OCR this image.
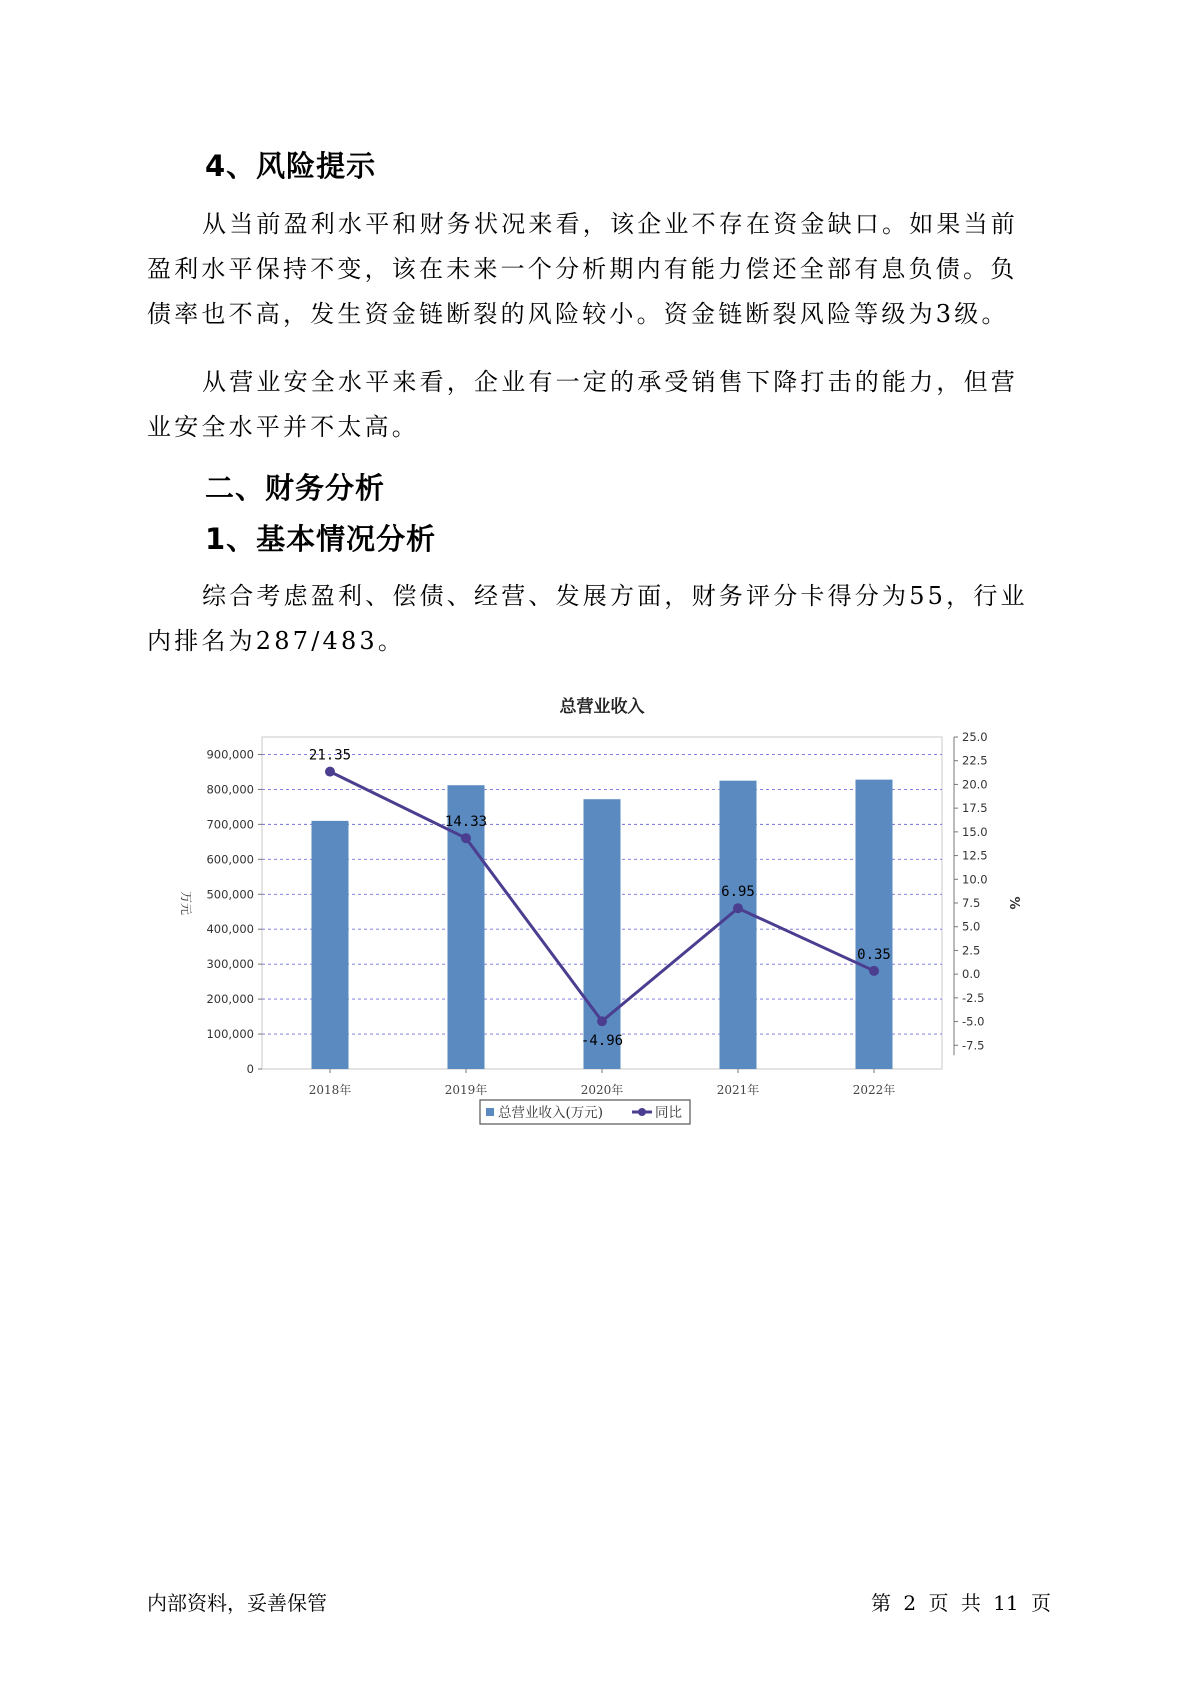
4、风险提示

从当前盈利水平和财务状况来看，该企业不存在资金缺口。如果当前
盈利水平保持不变，该在未来一个分析期内有能力偿还全部有息负债。负
债率也不高，发生资金链断裂的风险较小。资金链断裂风险等级为3级。

从营业安全水平来看，企业有一定的承受销售下降打击的能力，但营
业安全水平并不太高。

二、财务分析
1、基本情况分析

综合考虑盈利、偿债、经营、发展方面，财务评分卡得分为55，行业
内排名为287/483。

总营业收入
0
100,000
200,000
300,000
400,000
500,000
600,000
700,000
800,000
900,000
25.0
22.5
20.0
17.5
15.0
12.5
10.0
7.5
5.0
2.5
0.0
-2.5
-5.0
-7.5
万元	%
2018年	2019年	2020年	2021年	2022年
21.35
14.33
-4.96
6.95
0.35
总营业收入(万元)	同比
内部资料，妥善保管	第 2 页 共 11 页
